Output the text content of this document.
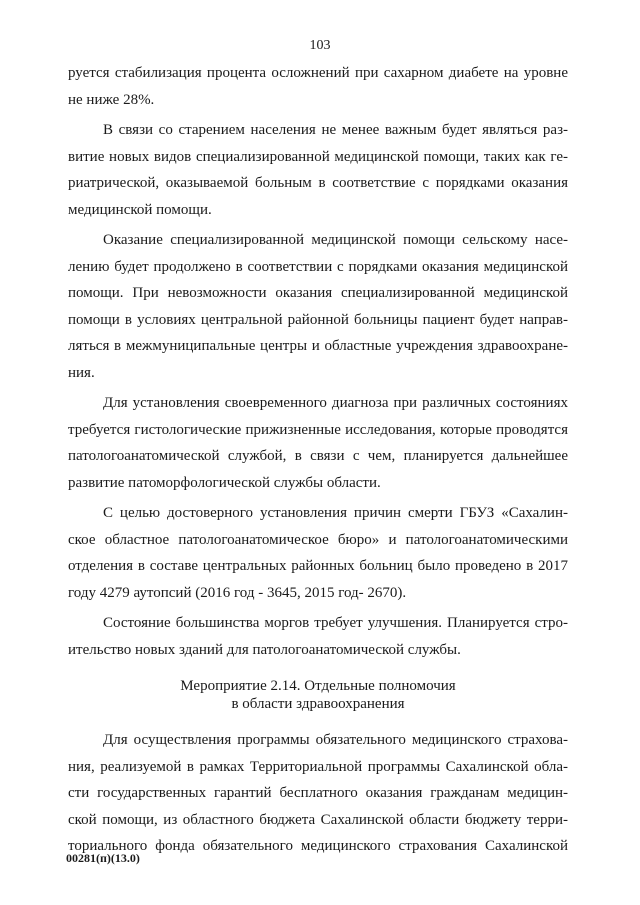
103
руется стабилизация процента осложнений при сахарном диабете на уровне
не ниже 28%.
В связи со старением населения не менее важным будет являться раз-
витие новых видов специализированной медицинской помощи, таких как ге-
риатрической, оказываемой больным в соответствие с порядками оказания
медицинской помощи.
Оказание специализированной медицинской помощи сельскому насе-
лению будет продолжено в соответствии с порядками оказания медицинской
помощи. При невозможности оказания специализированной медицинской
помощи в условиях центральной районной больницы пациент будет направ-
ляться в межмуниципальные центры и областные учреждения здравоохране-
ния.
Для установления своевременного диагноза при различных состояниях
требуется гистологические прижизненные исследования, которые проводятся
патологоанатомической службой, в связи с чем, планируется дальнейшее
развитие патоморфологической службы области.
С целью достоверного установления причин смерти ГБУЗ «Сахалин-
ское областное патологоанатомическое бюро» и патологоанатомическими
отделения в составе центральных районных больниц было проведено в 2017
году 4279 аутопсий (2016 год - 3645, 2015 год- 2670).
Состояние большинства моргов требует улучшения. Планируется стро-
ительство новых зданий для патологоанатомической службы.
Мероприятие 2.14. Отдельные полномочия
в области здравоохранения
Для осуществления программы обязательного медицинского страхова-
ния, реализуемой в рамках Территориальной программы Сахалинской обла-
сти государственных гарантий бесплатного оказания гражданам медицин-
ской помощи, из областного бюджета Сахалинской области бюджету терри-
ториального фонда обязательного медицинского страхования Сахалинской
00281(п)(13.0)
